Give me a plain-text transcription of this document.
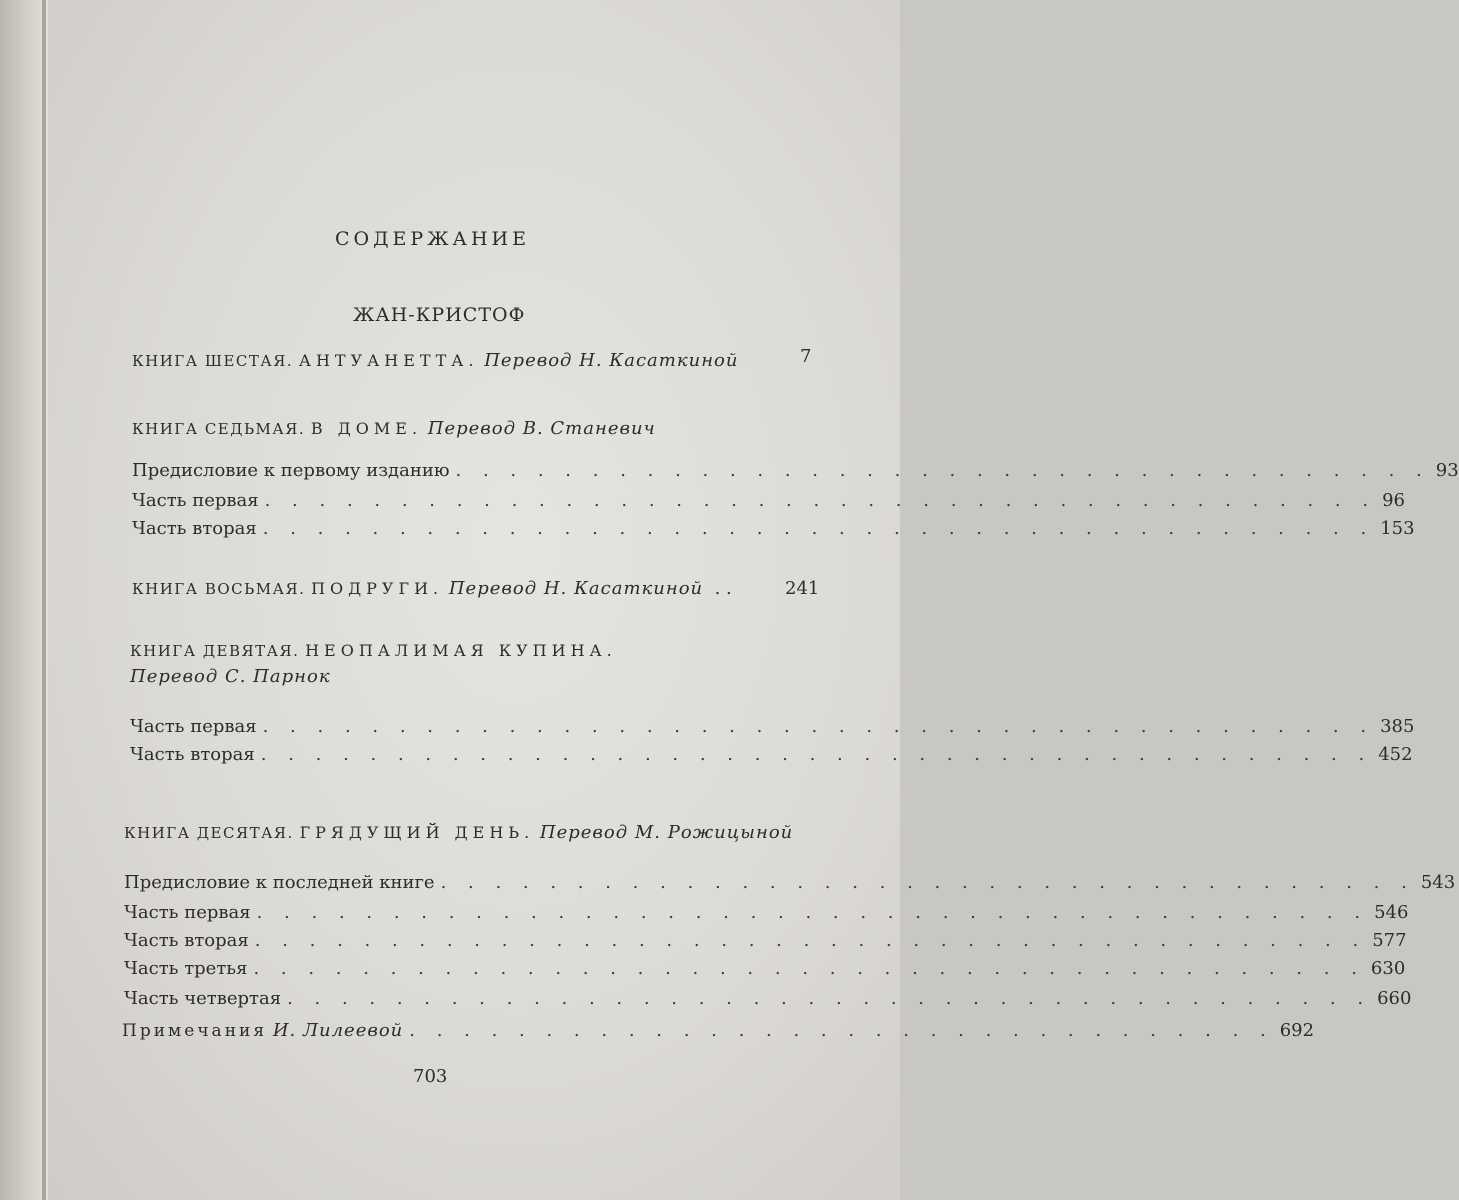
СОДЕРЖАНИЕ
ЖАН-КРИСТОФ
КНИГА ШЕСТАЯ. АНТУАНЕТТА. Перевод Н. Касаткиной	7
КНИГА СЕДЬМАЯ. В ДОМЕ. Перевод В. Станевич
Предисловие к первому изданию . . . . . . . . . . . . . . . . . . . . . . . . . . . . . . . . . . . . 93
Часть первая . . . . . . . . . . . . . . . . . . . . . . . . . . . . . . . . . . . . . . . . . 96
Часть вторая . . . . . . . . . . . . . . . . . . . . . . . . . . . . . . . . . . . . . . . . . 153
КНИГА ВОСЬМАЯ. ПОДРУГИ. Перевод Н. Касаткиной  . .	241
КНИГА ДЕВЯТАЯ. НЕОПАЛИМАЯ КУПИНА.
Перевод С. Парнок
Часть первая . . . . . . . . . . . . . . . . . . . . . . . . . . . . . . . . . . . . . . . . . 385
Часть вторая . . . . . . . . . . . . . . . . . . . . . . . . . . . . . . . . . . . . . . . . . 452
КНИГА ДЕСЯТАЯ. ГРЯДУЩИЙ ДЕНЬ. Перевод М. Рожицыной
Предисловие к последней книге . . . . . . . . . . . . . . . . . . . . . . . . . . . . . . . . . . . . 543
Часть первая . . . . . . . . . . . . . . . . . . . . . . . . . . . . . . . . . . . . . . . . . 546
Часть вторая . . . . . . . . . . . . . . . . . . . . . . . . . . . . . . . . . . . . . . . . . 577
Часть третья . . . . . . . . . . . . . . . . . . . . . . . . . . . . . . . . . . . . . . . . . 630
Часть четвертая . . . . . . . . . . . . . . . . . . . . . . . . . . . . . . . . . . . . . . . . 660
Примечания И. Лилеевой . . . . . . . . . . . . . . . . . . . . . . . . . . . . . . . . 692
703
